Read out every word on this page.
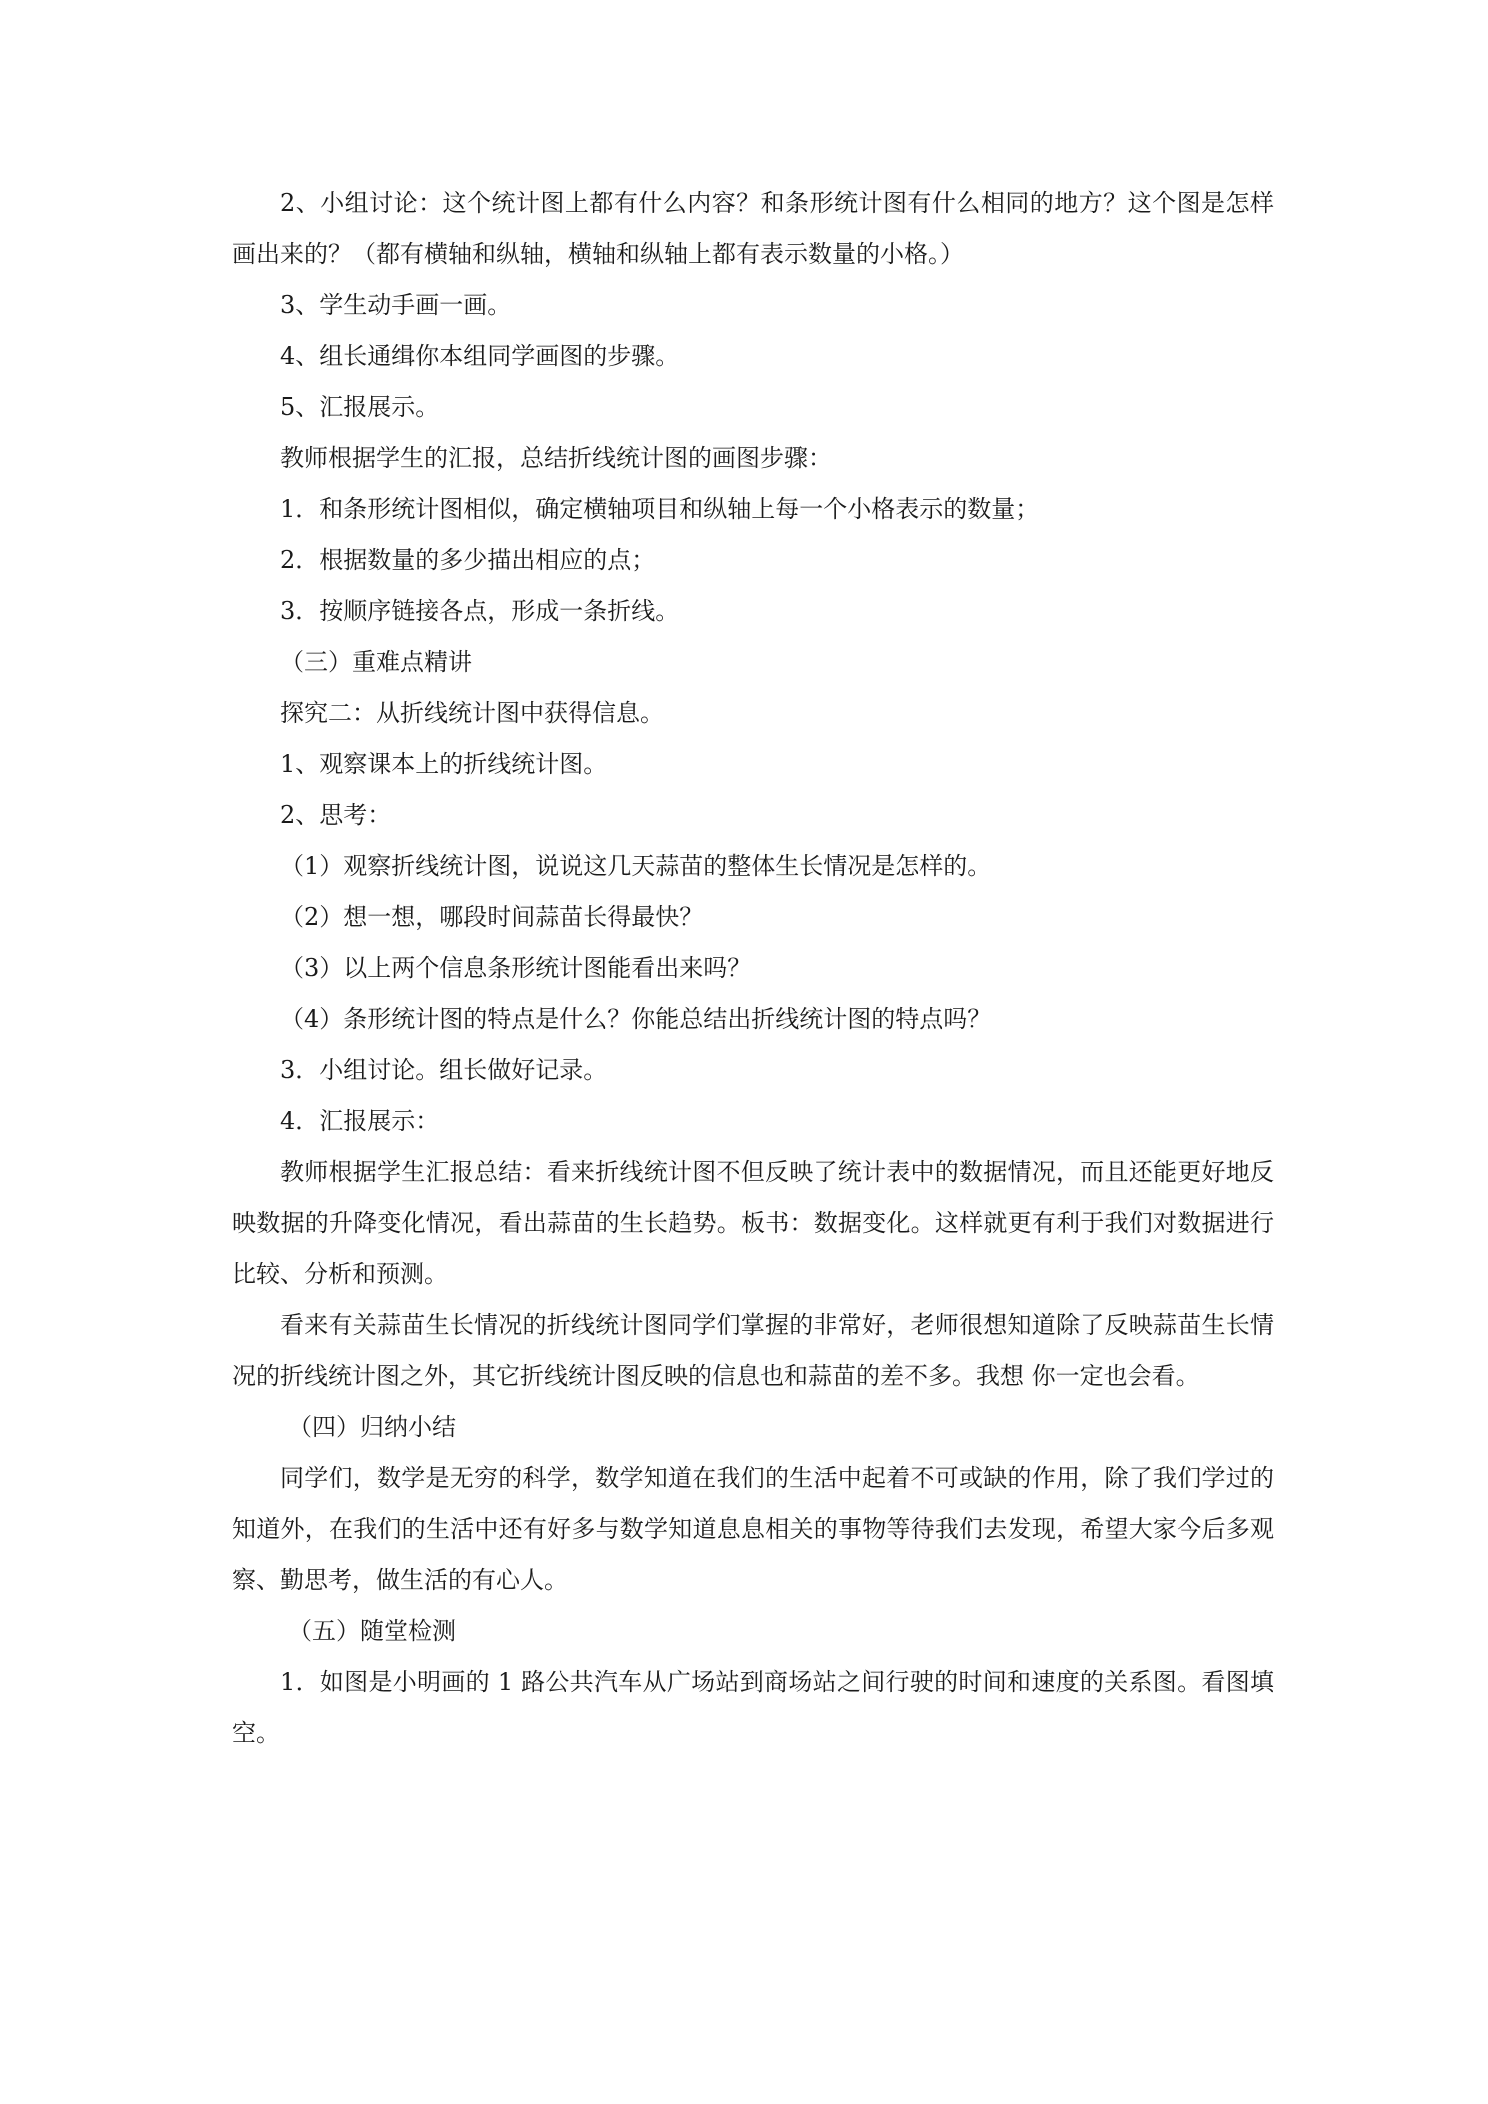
2、小组讨论：这个统计图上都有什么内容？和条形统计图有什么相同的地方？这个图是怎样画出来的？（都有横轴和纵轴，横轴和纵轴上都有表示数量的小格。）

3、学生动手画一画。

4、组长通缉你本组同学画图的步骤。

5、汇报展示。

教师根据学生的汇报，总结折线统计图的画图步骤：

1．和条形统计图相似，确定横轴项目和纵轴上每一个小格表示的数量；

2．根据数量的多少描出相应的点；

3．按顺序链接各点，形成一条折线。

（三）重难点精讲

探究二：从折线统计图中获得信息。

1、观察课本上的折线统计图。

2、思考：

（1）观察折线统计图，说说这几天蒜苗的整体生长情况是怎样的。

（2）想一想，哪段时间蒜苗长得最快？

（3）以上两个信息条形统计图能看出来吗？

（4）条形统计图的特点是什么？你能总结出折线统计图的特点吗？

3．小组讨论。组长做好记录。

4．汇报展示：

教师根据学生汇报总结：看来折线统计图不但反映了统计表中的数据情况，而且还能更好地反映数据的升降变化情况，看出蒜苗的生长趋势。板书：数据变化。这样就更有利于我们对数据进行比较、分析和预测。

看来有关蒜苗生长情况的折线统计图同学们掌握的非常好，老师很想知道除了反映蒜苗生长情况的折线统计图之外，其它折线统计图反映的信息也和蒜苗的差不多。我想 你一定也会看。

（四）归纳小结

同学们，数学是无穷的科学，数学知道在我们的生活中起着不可或缺的作用，除了我们学过的知道外，在我们的生活中还有好多与数学知道息息相关的事物等待我们去发现，希望大家今后多观察、勤思考，做生活的有心人。

（五）随堂检测

1．如图是小明画的 1 路公共汽车从广场站到商场站之间行驶的时间和速度的关系图。看图填空。
